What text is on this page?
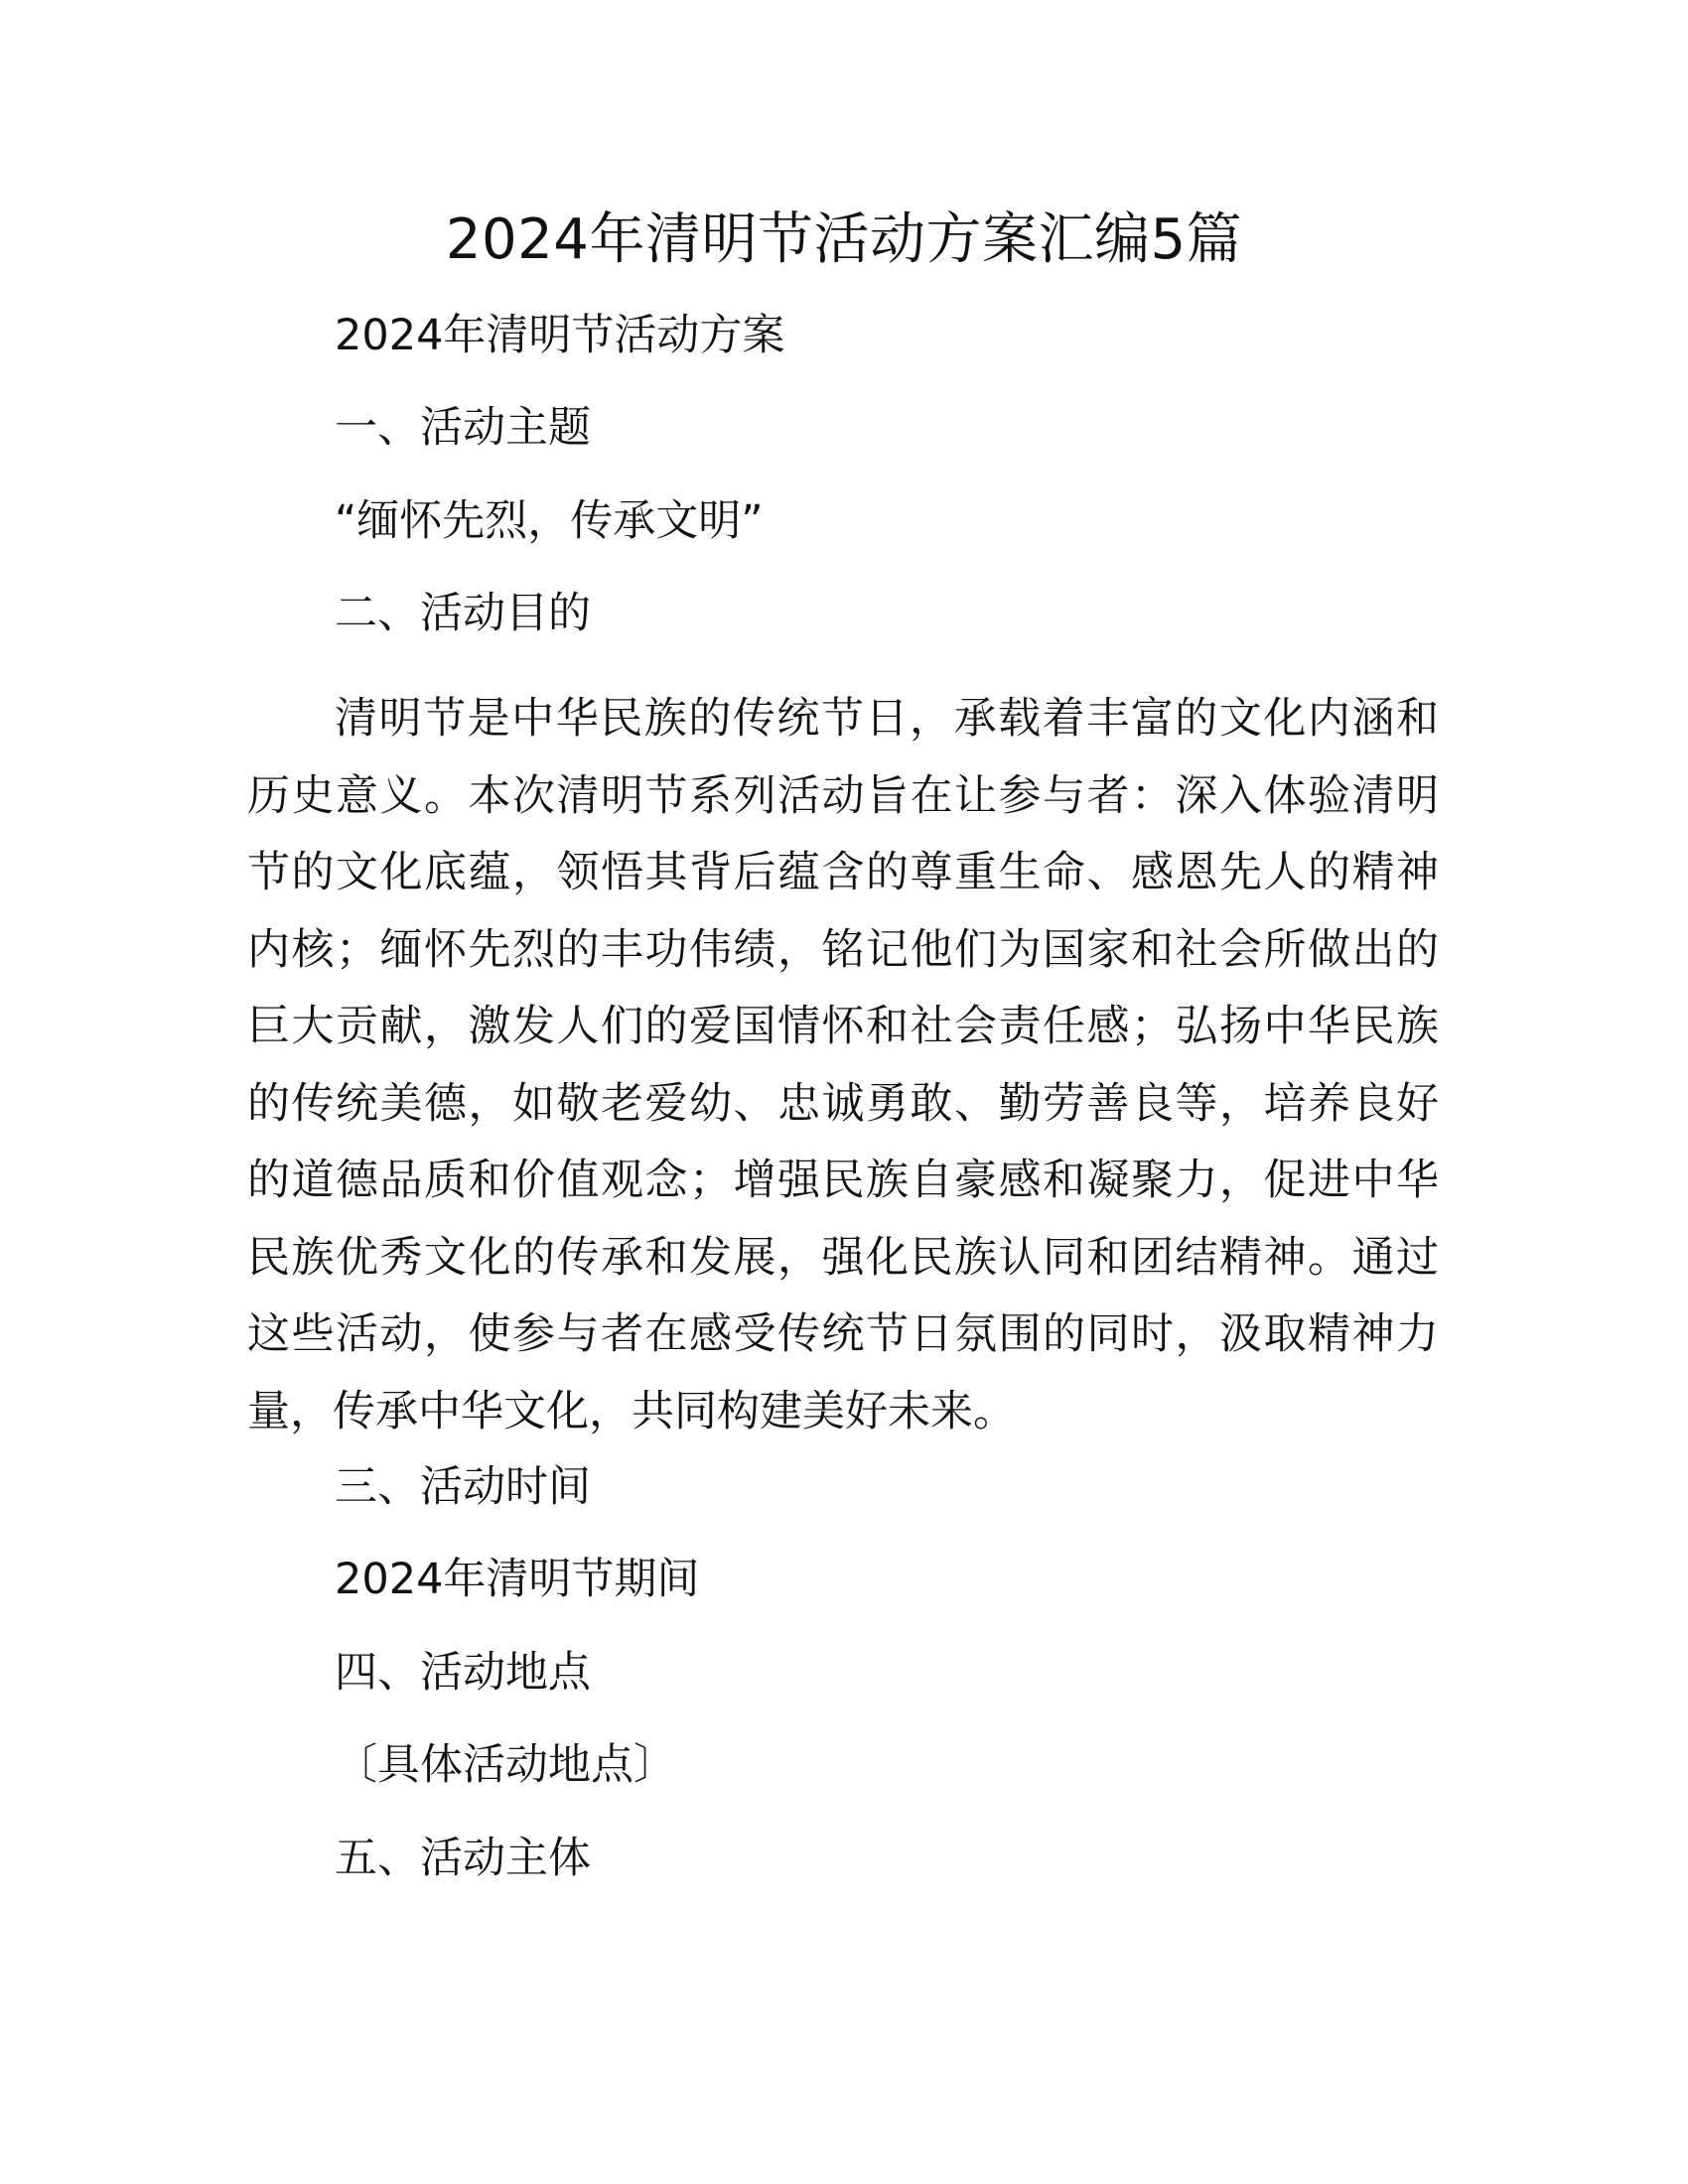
2024年清明节活动方案汇编5篇
2024年清明节活动方案
一、活动主题
“缅怀先烈，传承文明”
二、活动目的

清明节是中华民族的传统节日，承载着丰富的文化内涵和历史意义。本次清明节系列活动旨在让参与者：深入体验清明节的文化底蕴，领悟其背后蕴含的尊重生命、感恩先人的精神内核；缅怀先烈的丰功伟绩，铭记他们为国家和社会所做出的巨大贡献，激发人们的爱国情怀和社会责任感；弘扬中华民族的传统美德，如敬老爱幼、忠诚勇敢、勤劳善良等，培养良好的道德品质和价值观念；增强民族自豪感和凝聚力，促进中华民族优秀文化的传承和发展，强化民族认同和团结精神。通过这些活动，使参与者在感受传统节日氛围的同时，汲取精神力量，传承中华文化，共同构建美好未来。

三、活动时间
2024年清明节期间
四、活动地点
〔具体活动地点〕
五、活动主体
